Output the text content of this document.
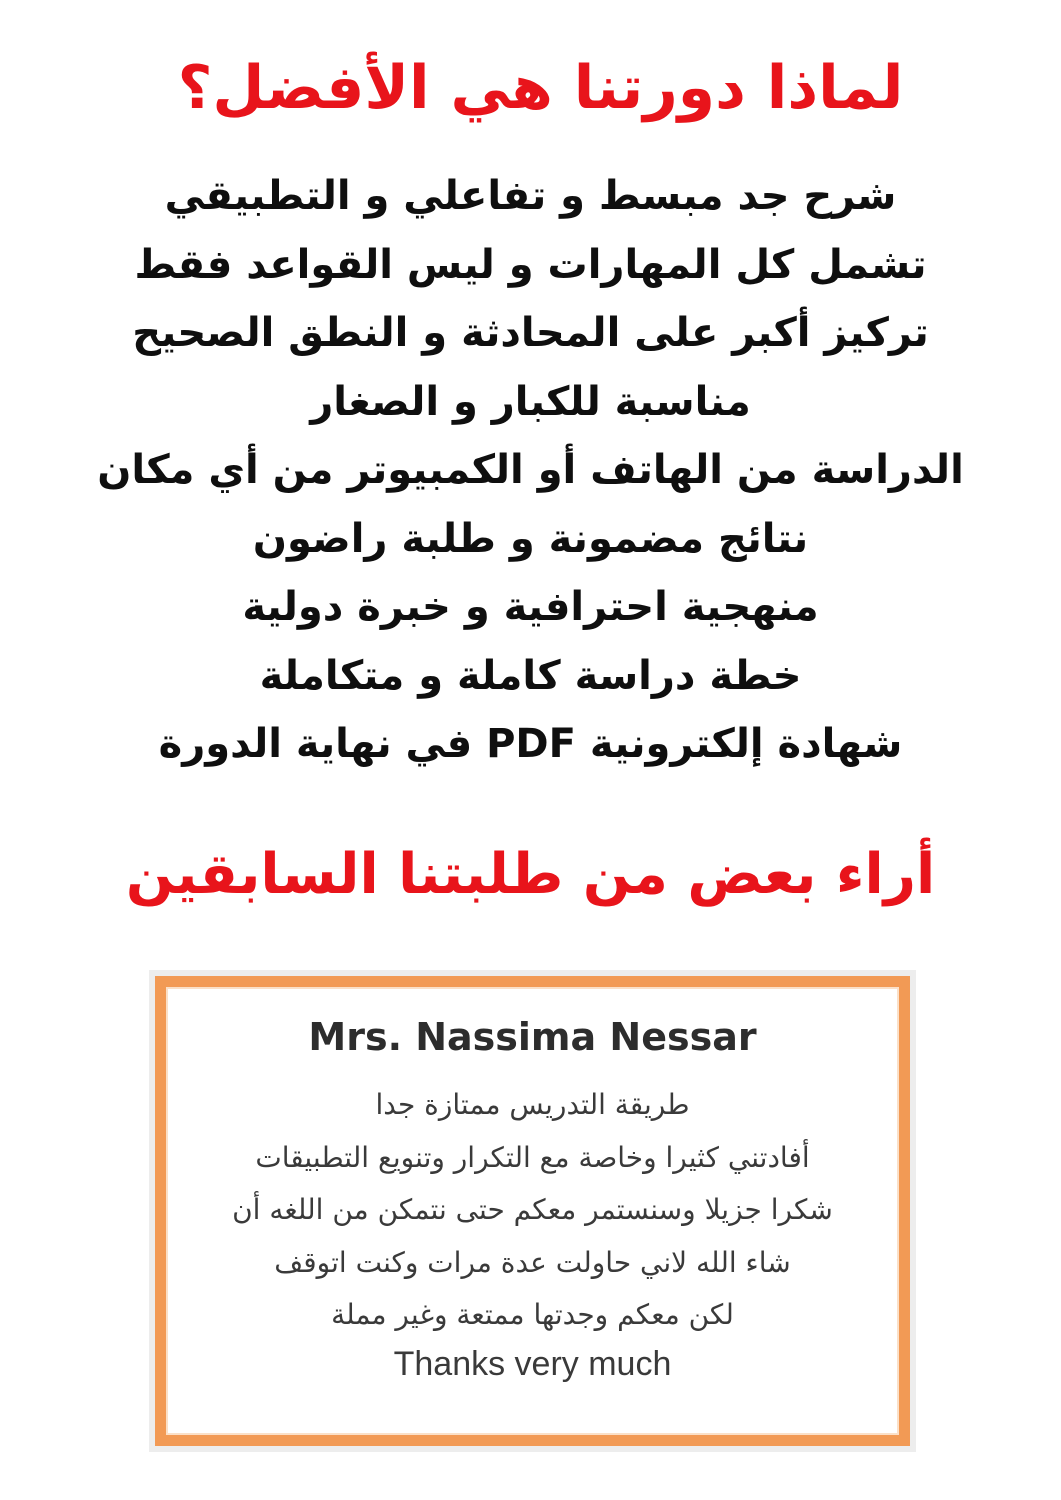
لماذا دورتنا هي الأفضل؟
شرح جد مبسط و تفاعلي و التطبيقي
تشمل كل المهارات و ليس القواعد فقط
تركيز أكبر على المحادثة و النطق الصحيح
مناسبة للكبار و الصغار
الدراسة من الهاتف أو الكمبيوتر من أي مكان
نتائج مضمونة و طلبة راضون
منهجية احترافية و خبرة دولية
خطة دراسة كاملة و متكاملة
شهادة إلكترونية PDF في نهاية الدورة
أراء بعض من طلبتنا السابقين

Mrs. Nassima Nessar

طريقة التدريس ممتازة جدا
أفادتني كثيرا وخاصة مع التكرار وتنويع التطبيقات
شكرا جزيلا وسنستمر معكم حتى نتمكن من اللغه أن
شاء الله لاني حاولت عدة مرات وكنت اتوقف
لكن معكم وجدتها ممتعة وغير مملة

Thanks very much
